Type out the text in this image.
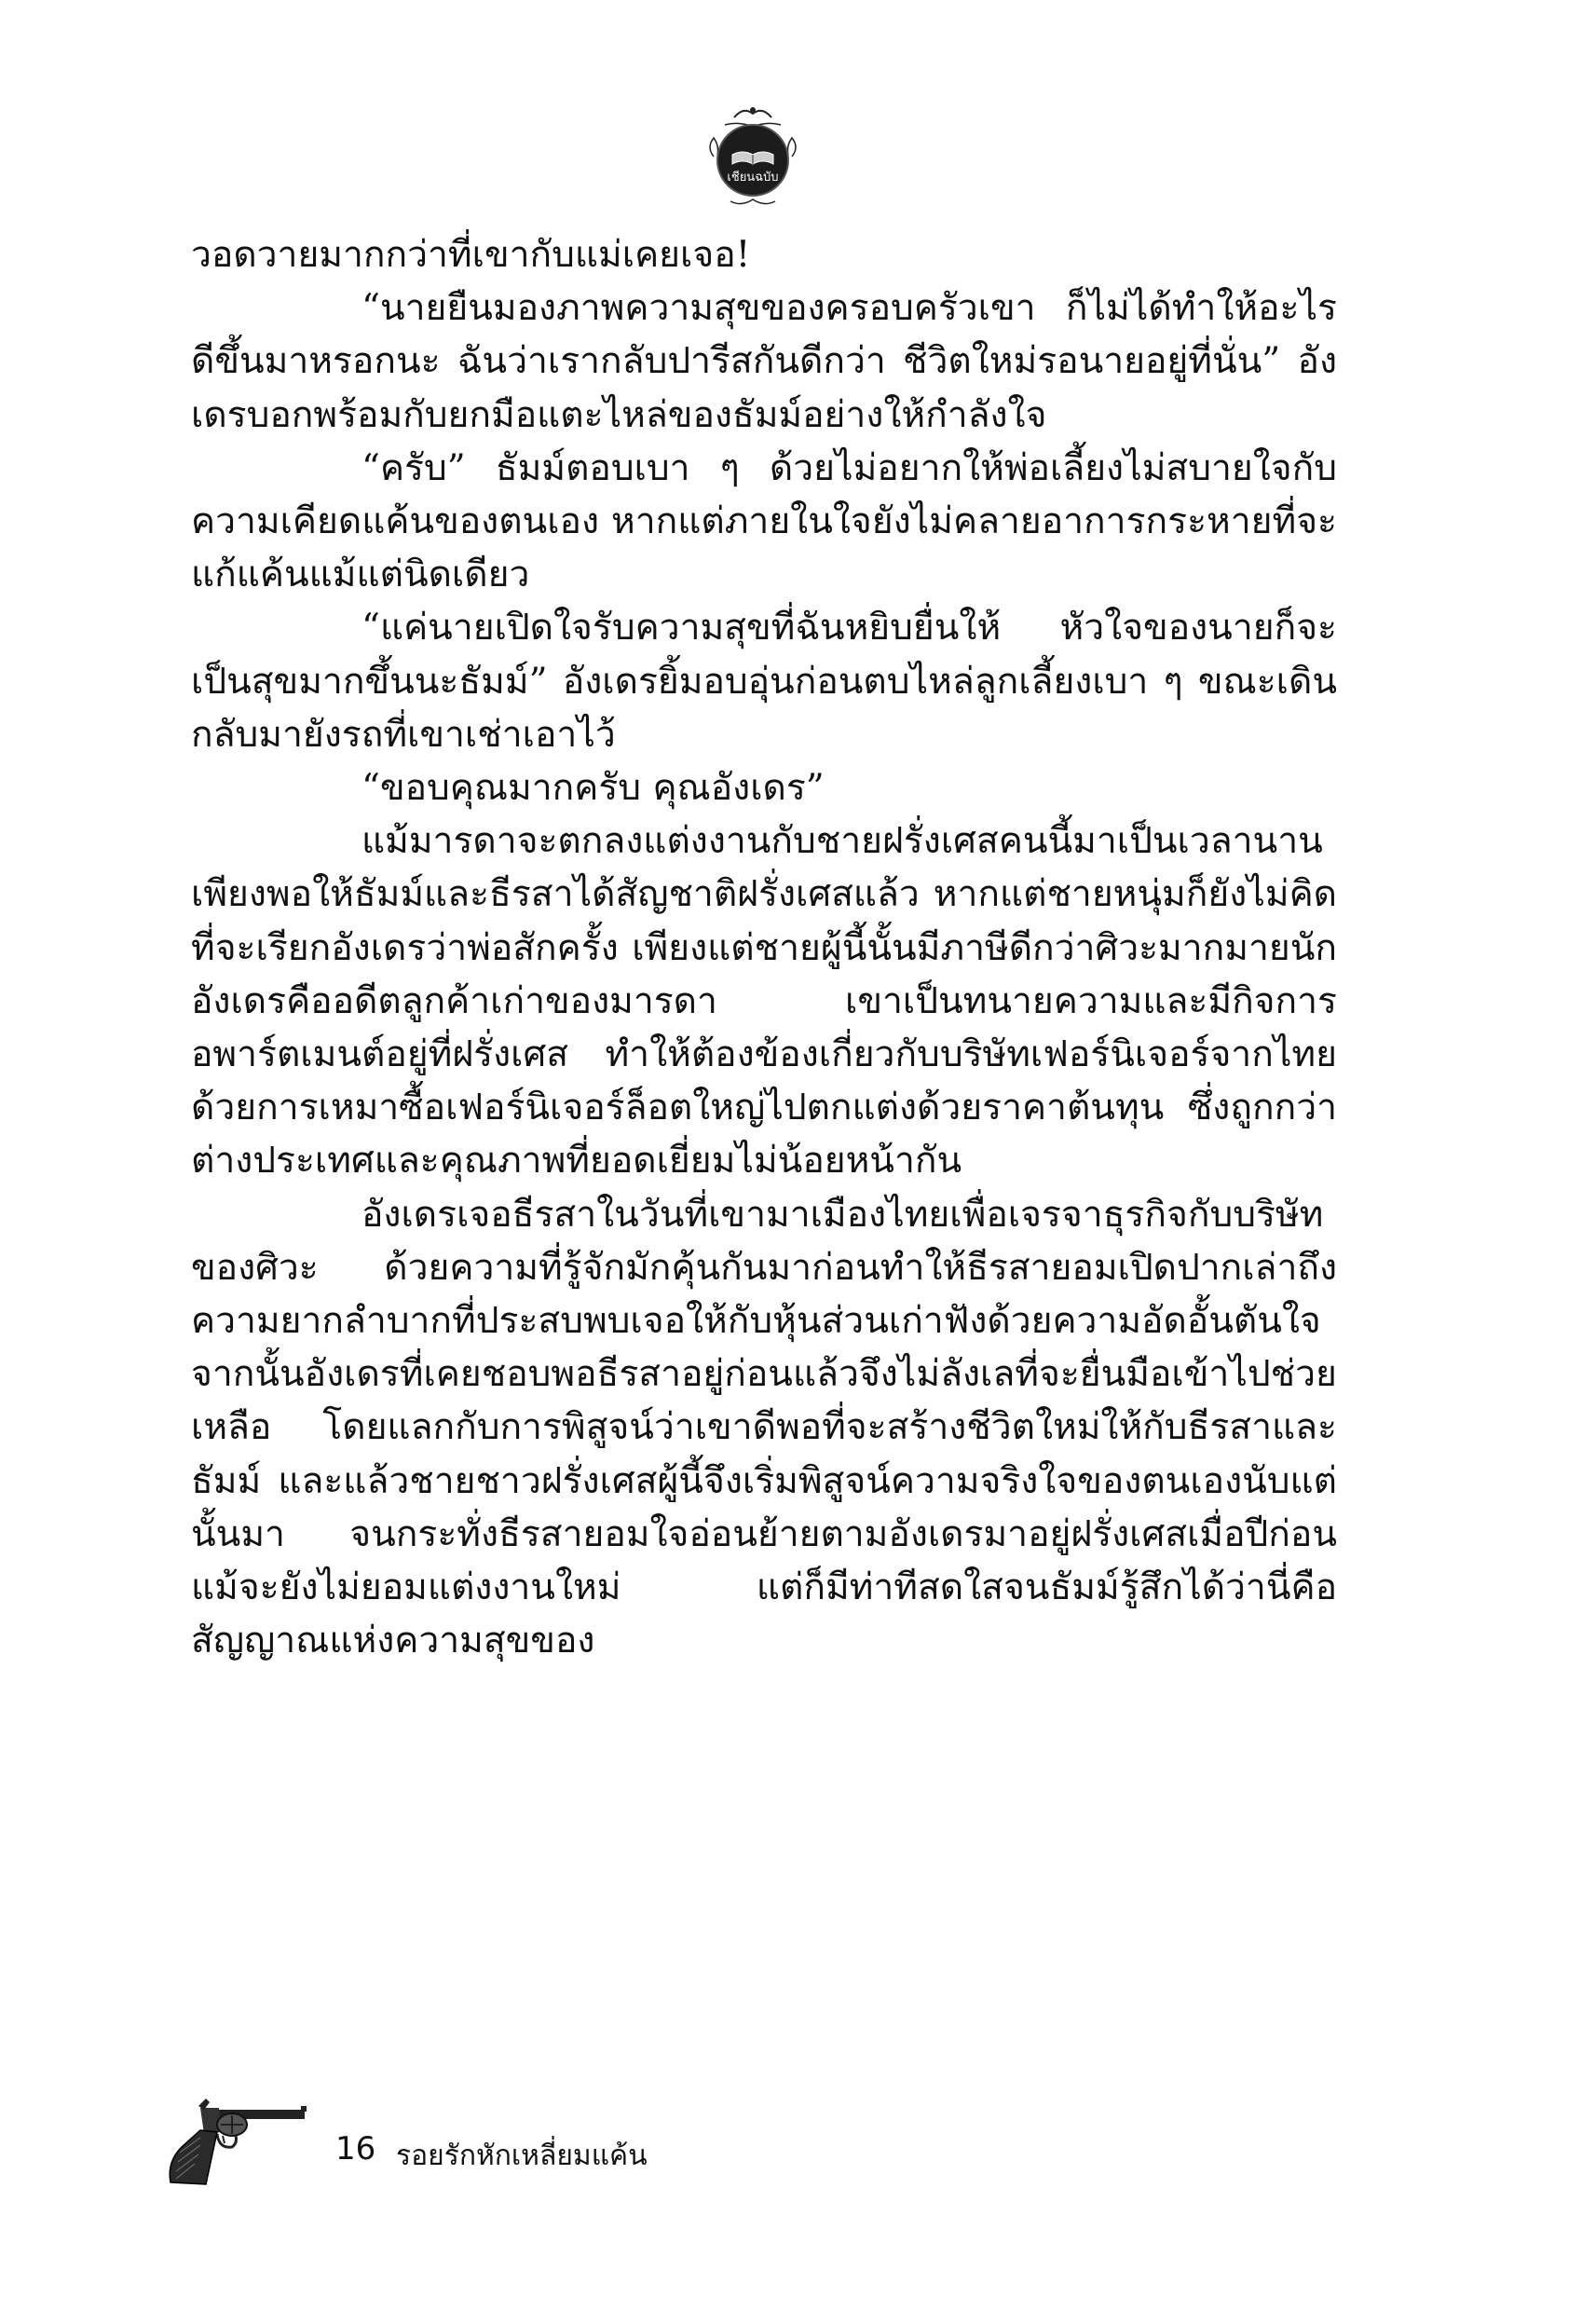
เชียนฉบับ

วอดวายมากกว่าที่เขากับแม่เคยเจอ!

“นายยืนมองภาพความสุขของครอบครัวเขา ก็ไม่ได้ทำให้อะไรดีขึ้นมาหรอกนะ ฉันว่าเรากลับปารีสกันดีกว่า ชีวิตใหม่รอนายอยู่ที่นั่น” อังเดรบอกพร้อมกับยกมือแตะไหล่ของธัมม์อย่างให้กำลังใจ

“ครับ” ธัมม์ตอบเบา ๆ ด้วยไม่อยากให้พ่อเลี้ยงไม่สบายใจกับความเคียดแค้นของตนเอง หากแต่ภายในใจยังไม่คลายอาการกระหายที่จะแก้แค้นแม้แต่นิดเดียว

“แค่นายเปิดใจรับความสุขที่ฉันหยิบยื่นให้ หัวใจของนายก็จะเป็นสุขมากขึ้นนะธัมม์” อังเดรยิ้มอบอุ่นก่อนตบไหล่ลูกเลี้ยงเบา ๆ ขณะเดินกลับมายังรถที่เขาเช่าเอาไว้

“ขอบคุณมากครับ คุณอังเดร”

แม้มารดาจะตกลงแต่งงานกับชายฝรั่งเศสคนนี้มาเป็นเวลานาน เพียงพอให้ธัมม์และธีรสาได้สัญชาติฝรั่งเศสแล้ว หากแต่ชายหนุ่มก็ยังไม่คิดที่จะเรียกอังเดรว่าพ่อสักครั้ง เพียงแต่ชายผู้นี้นั้นมีภาษีดีกว่าศิวะมากมายนัก อังเดรคืออดีตลูกค้าเก่าของมารดา เขาเป็นทนายความและมีกิจการอพาร์ตเมนต์อยู่ที่ฝรั่งเศส ทำให้ต้องข้องเกี่ยวกับบริษัทเฟอร์นิเจอร์จากไทยด้วยการเหมาซื้อเฟอร์นิเจอร์ล็อตใหญ่ไปตกแต่งด้วยราคาต้นทุน ซึ่งถูกกว่าต่างประเทศและคุณภาพที่ยอดเยี่ยมไม่น้อยหน้ากัน

อังเดรเจอธีรสาในวันที่เขามาเมืองไทยเพื่อเจรจาธุรกิจกับบริษัทของศิวะ ด้วยความที่รู้จักมักคุ้นกันมาก่อนทำให้ธีรสายอมเปิดปากเล่าถึงความยากลำบากที่ประสบพบเจอให้กับหุ้นส่วนเก่าฟังด้วยความอัดอั้นตันใจ จากนั้นอังเดรที่เคยชอบพอธีรสาอยู่ก่อนแล้วจึงไม่ลังเลที่จะยื่นมือเข้าไปช่วยเหลือ โดยแลกกับการพิสูจน์ว่าเขาดีพอที่จะสร้างชีวิตใหม่ให้กับธีรสาและธัมม์ และแล้วชายชาวฝรั่งเศสผู้นี้จึงเริ่มพิสูจน์ความจริงใจของตนเองนับแต่นั้นมา จนกระทั่งธีรสายอมใจอ่อนย้ายตามอังเดรมาอยู่ฝรั่งเศสเมื่อปีก่อน แม้จะยังไม่ยอมแต่งงานใหม่ แต่ก็มีท่าทีสดใสจนธัมม์รู้สึกได้ว่านี่คือสัญญาณแห่งความสุขของ

16 รอยรักหักเหลี่ยมแค้น
